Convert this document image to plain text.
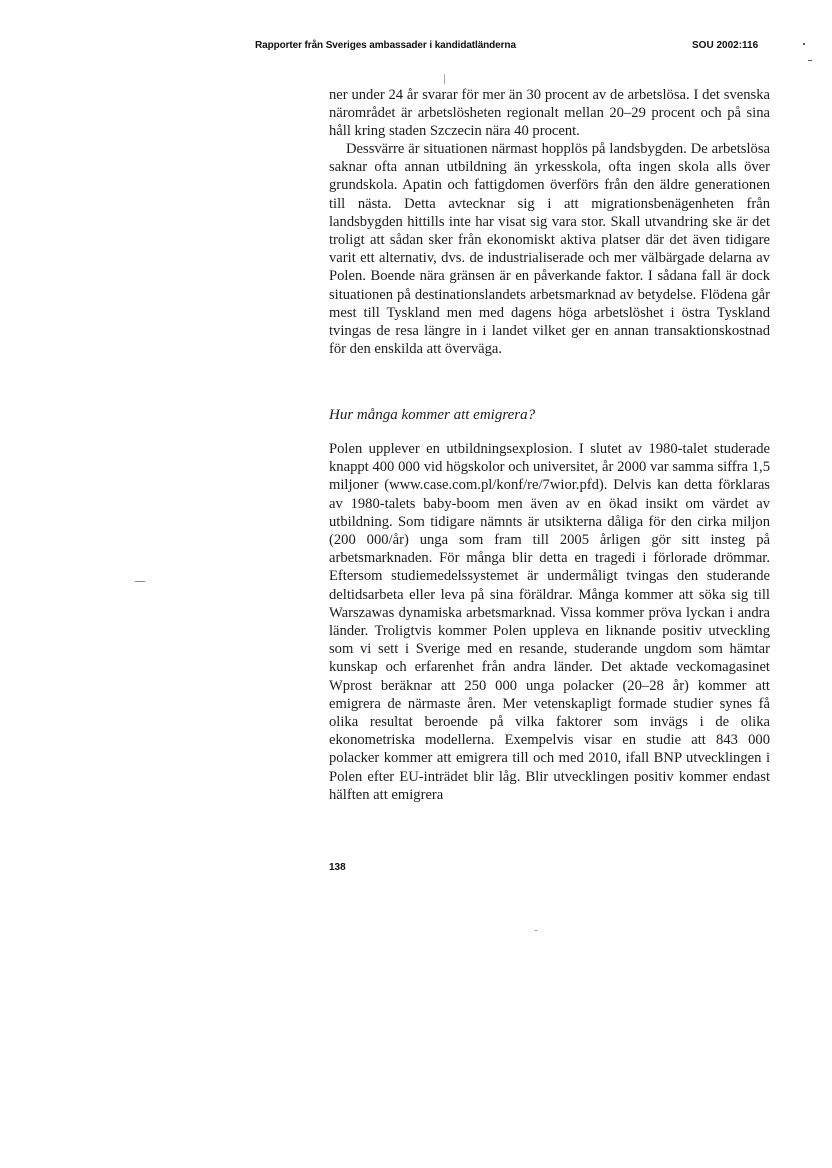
Rapporter från Sveriges ambassader i kandidatländerna	SOU 2002:116

ner under 24 år svarar för mer än 30 procent av de arbetslösa. I det svenska närområdet är arbetslösheten regionalt mellan 20–29 procent och på sina håll kring staden Szczecin nära 40 procent.

Dessvärre är situationen närmast hopplös på landsbygden. De arbetslösa saknar ofta annan utbildning än yrkesskola, ofta ingen skola alls över grundskola. Apatin och fattigdomen överförs från den äldre generationen till nästa. Detta avtecknar sig i att migrationsbenägenheten från landsbygden hittills inte har visat sig vara stor. Skall utvandring ske är det troligt att sådan sker från ekonomiskt aktiva platser där det även tidigare varit ett alternativ, dvs. de industrialiserade och mer välbärgade delarna av Polen. Boende nära gränsen är en påverkande faktor. I sådana fall är dock situationen på destinationslandets arbetsmarknad av betydelse. Flödena går mest till Tyskland men med dagens höga arbetslöshet i östra Tyskland tvingas de resa längre in i landet vilket ger en annan transaktionskostnad för den enskilda att överväga.

Hur många kommer att emigrera?

Polen upplever en utbildningsexplosion. I slutet av 1980-talet studerade knappt 400 000 vid högskolor och universitet, år 2000 var samma siffra 1,5 miljoner (www.case.com.pl/konf/re/7wior.pfd). Delvis kan detta förklaras av 1980-talets baby-boom men även av en ökad insikt om värdet av utbildning. Som tidigare nämnts är utsikterna dåliga för den cirka miljon (200 000/år) unga som fram till 2005 årligen gör sitt insteg på arbetsmarknaden. För många blir detta en tragedi i förlorade drömmar. Eftersom studiemedelssystemet är undermåligt tvingas den studerande deltidsarbeta eller leva på sina föräldrar. Många kommer att söka sig till Warszawas dynamiska arbetsmarknad. Vissa kommer pröva lyckan i andra länder. Troligtvis kommer Polen uppleva en liknande positiv utveckling som vi sett i Sverige med en resande, studerande ungdom som hämtar kunskap och erfarenhet från andra länder. Det aktade veckomagasinet Wprost beräknar att 250 000 unga polacker (20–28 år) kommer att emigrera de närmaste åren. Mer vetenskapligt formade studier synes få olika resultat beroende på vilka faktorer som invägs i de olika ekonometriska modellerna. Exempelvis visar en studie att 843 000 polacker kommer att emigrera till och med 2010, ifall BNP utvecklingen i Polen efter EU-inträdet blir låg. Blir utvecklingen positiv kommer endast hälften att emigrera

138
